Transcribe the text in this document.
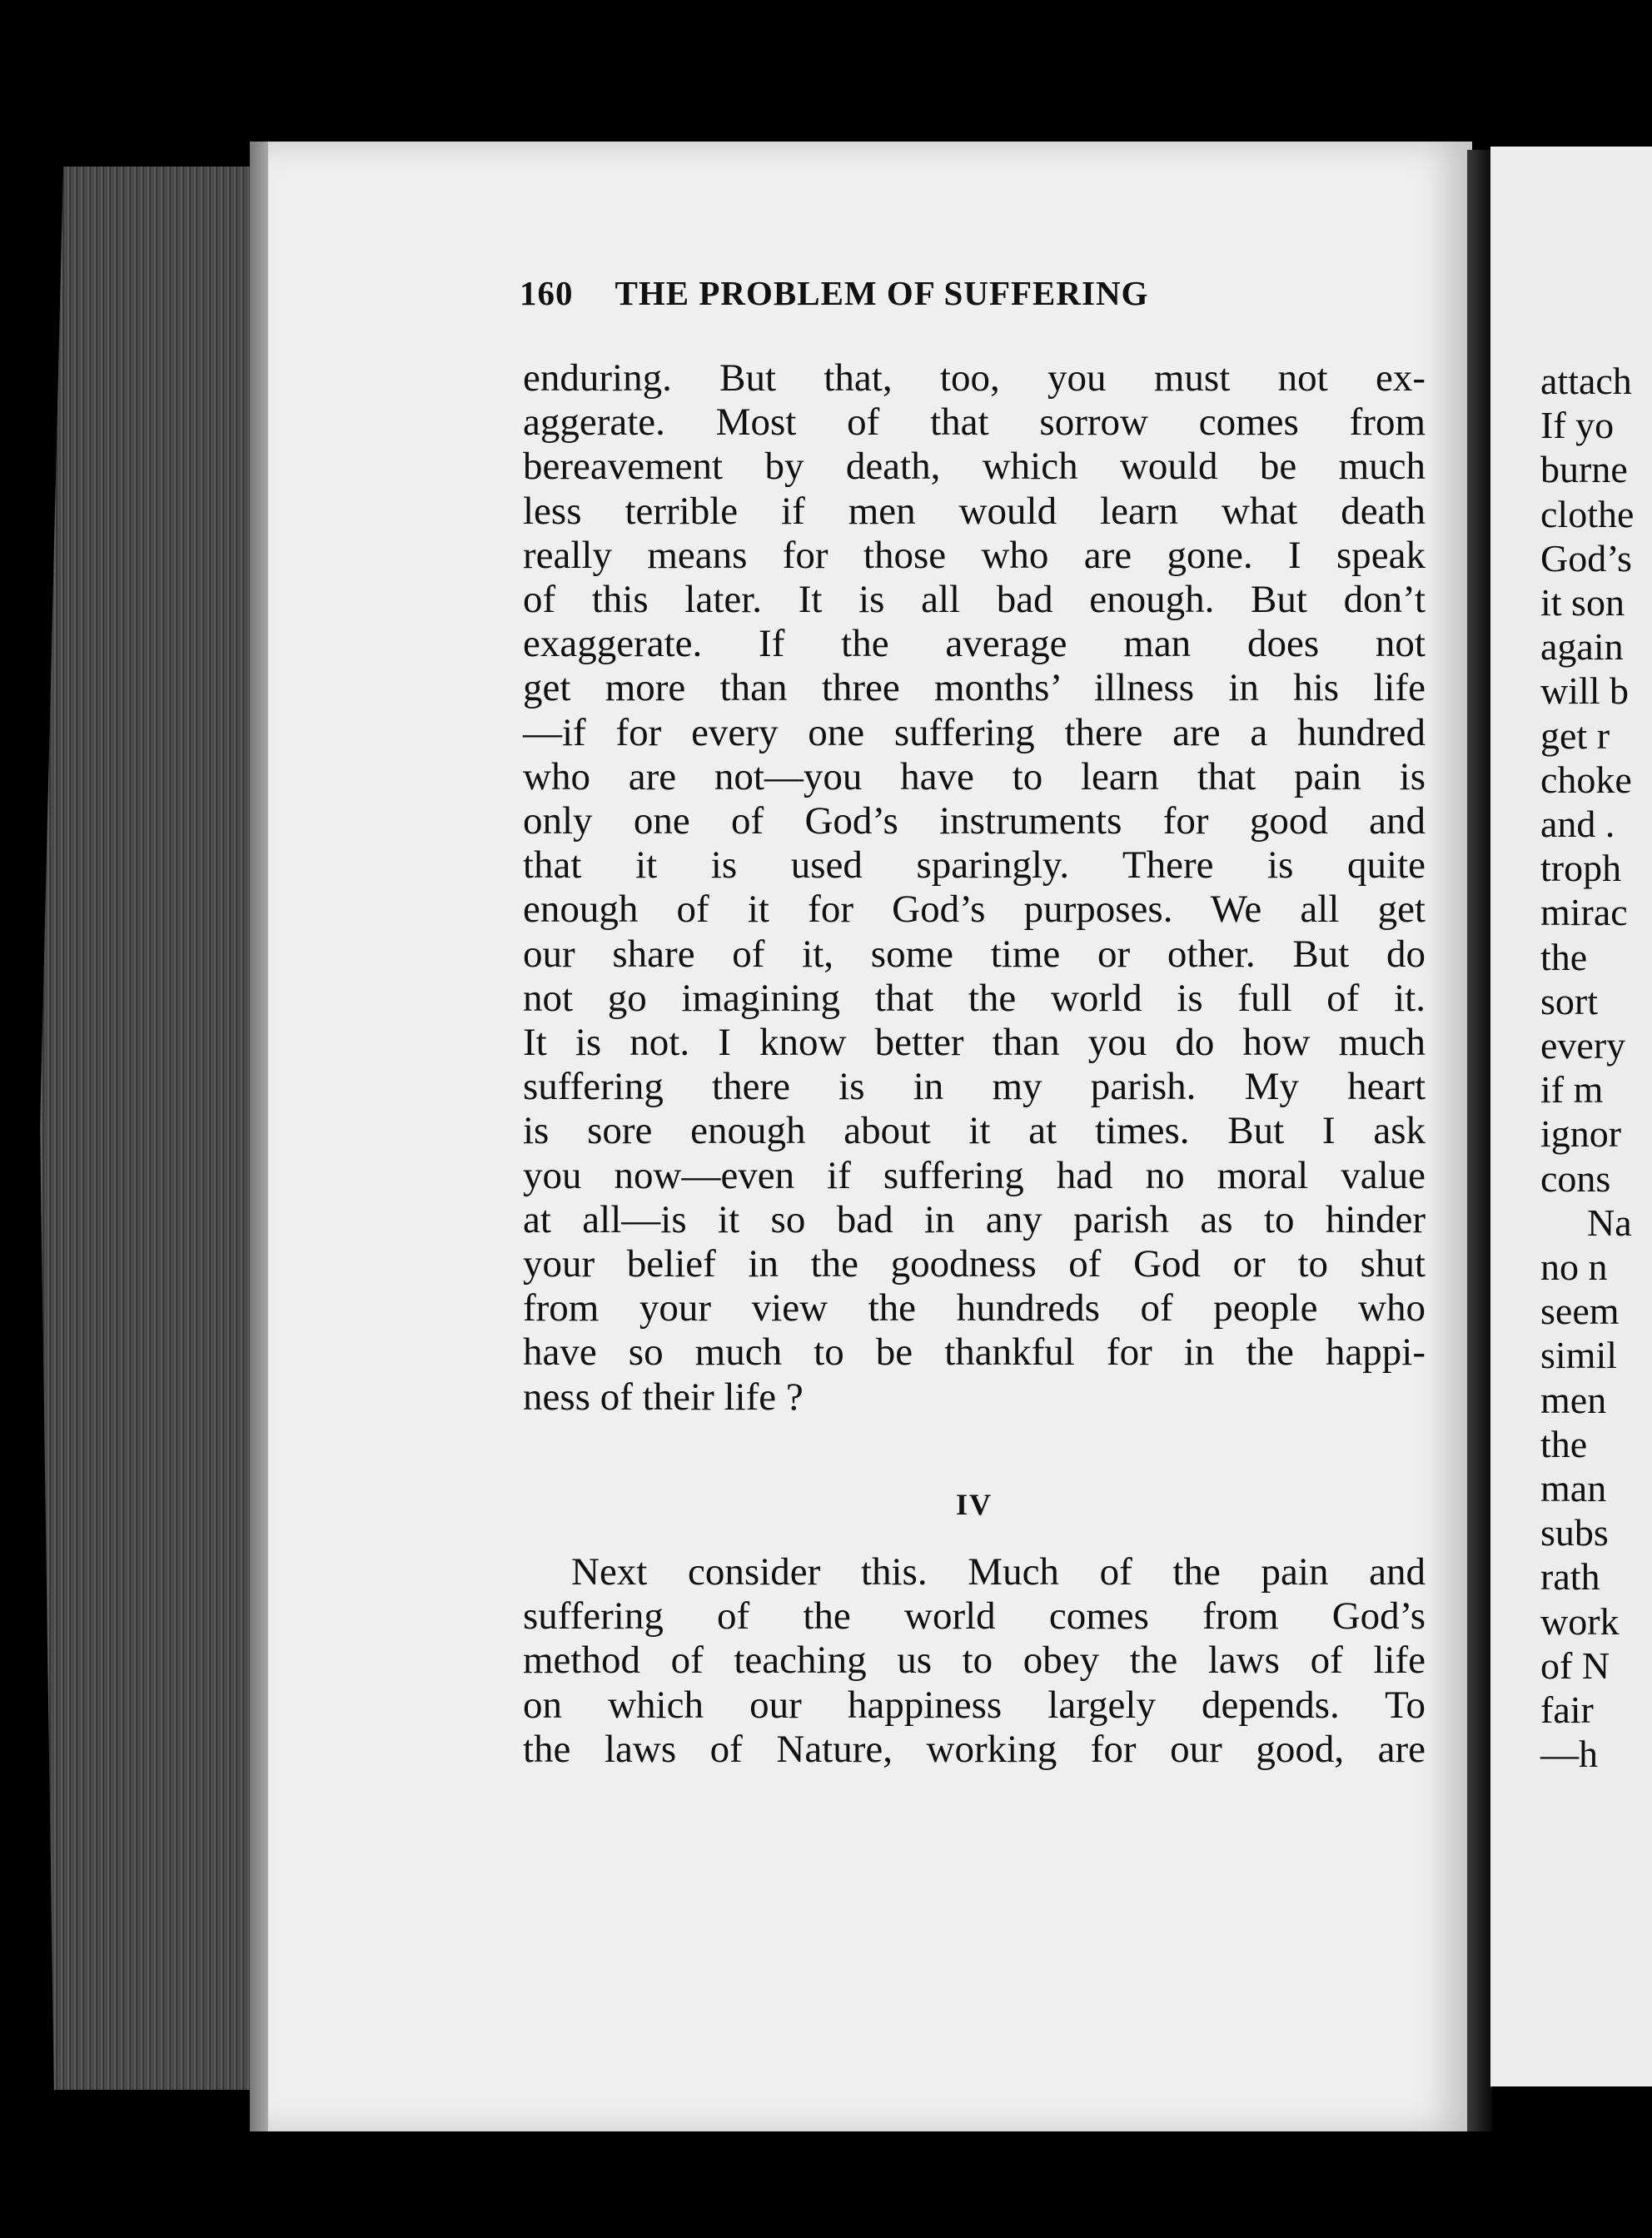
160 THE PROBLEM OF SUFFERING
enduring. But that, too, you must not ex-
aggerate. Most of that sorrow comes from
bereavement by death, which would be much
less terrible if men would learn what death
really means for those who are gone. I speak
of this later. It is all bad enough. But don’t
exaggerate. If the average man does not
get more than three months’ illness in his life
—if for every one suffering there are a hundred
who are not—you have to learn that pain is
only one of God’s instruments for good and
that it is used sparingly. There is quite
enough of it for God’s purposes. We all get
our share of it, some time or other. But do
not go imagining that the world is full of it.
It is not. I know better than you do how much
suffering there is in my parish. My heart
is sore enough about it at times. But I ask
you now—even if suffering had no moral value
at all—is it so bad in any parish as to hinder
your belief in the goodness of God or to shut
from your view the hundreds of people who
have so much to be thankful for in the happi-
ness of their life ?
IV
Next consider this. Much of the pain and
suffering of the world comes from God’s
method of teaching us to obey the laws of life
on which our happiness largely depends. To
the laws of Nature, working for our good, are
attach
If yo
burne
clothe
God’s
it son
again
will b
get r
choke
and .
troph
mirac
the
sort
every
if m
ignor
cons
Na
no n
seem
simil
men
the
man
subs
rath
work
of N
fair
—h
